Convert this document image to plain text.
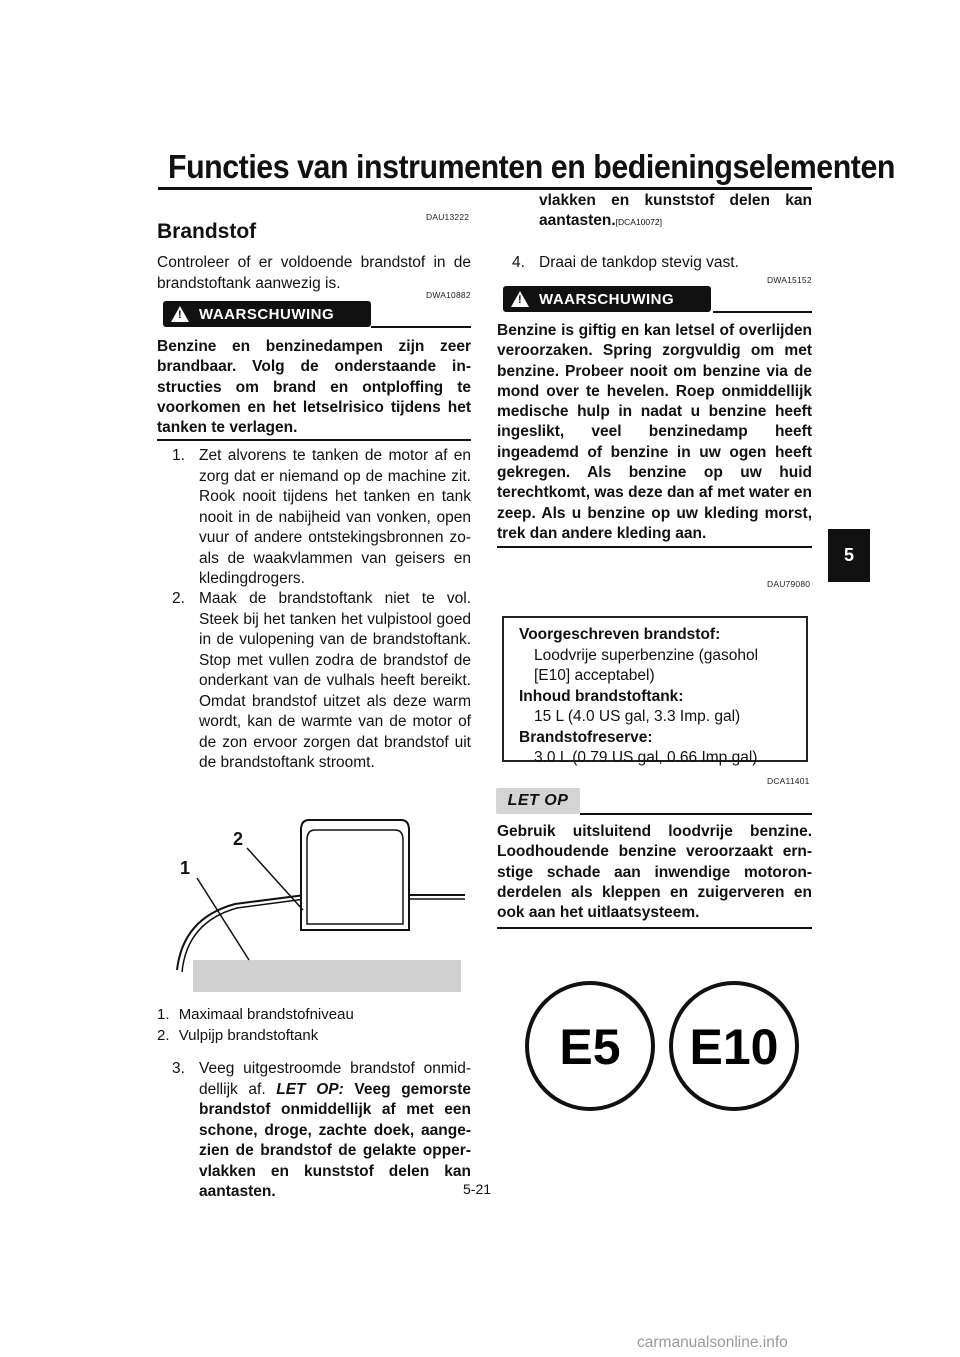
Functies van instrumenten en bedieningselementen
5
DAU13222
Brandstof
Controleer of er voldoende brandstof in de brandstoftank aanwezig is.
DWA10882
! WAARSCHUWING
Benzine en benzinedampen zijn zeer brandbaar. Volg de onderstaande instructies om brand en ontploffing te voorkomen en het letselrisico tijdens het tanken te verlagen.
1. Zet alvorens te tanken de motor af en zorg dat er niemand op de machine zit. Rook nooit tijdens het tanken en tank nooit in de nabijheid van vonken, open vuur of andere ontstekingsbronnen zoals de waakvlammen van geisers en kledingdrogers.
2. Maak de brandstoftank niet te vol. Steek bij het tanken het vulpistool goed in de vulopening van de brandstoftank. Stop met vullen zodra de brandstof de onderkant van de vulhals heeft bereikt. Omdat brandstof uitzet als deze warm wordt, kan de warmte van de motor of de zon ervoor zorgen dat brandstof uit de brandstoftank stroomt.
1
2
1. Maximaal brandstofniveau
2. Vulpijp brandstoftank
3. Veeg uitgestroomde brandstof onmiddellijk af. LET OP: Veeg gemorste brandstof onmiddellijk af met een schone, droge, zachte doek, aangezien de brandstof de gelakte oppervlakken en kunststof delen kan aantasten.
vlakken en kunststof delen kan aantasten.[DCA10072]
4. Draai de tankdop stevig vast.
DWA15152
! WAARSCHUWING
Benzine is giftig en kan letsel of overlijden veroorzaken. Spring zorgvuldig om met benzine. Probeer nooit om benzine via de mond over te hevelen. Roep onmiddellijk medische hulp in nadat u benzine heeft ingeslikt, veel benzinedamp heeft ingeademd of benzine in uw ogen heeft gekregen. Als benzine op uw huid terechtkomt, was deze dan af met water en zeep. Als u benzine op uw kleding morst, trek dan andere kleding aan.
DAU79080
Voorgeschreven brandstof:
Loodvrije superbenzine (gasohol
[E10] acceptabel)
Inhoud brandstoftank:
15 L (4.0 US gal, 3.3 Imp. gal)
Brandstofreserve:
3.0 L (0.79 US gal, 0.66 Imp.gal)
DCA11401
LET OP
Gebruik uitsluitend loodvrije benzine. Loodhoudende benzine veroorzaakt ernstige schade aan inwendige motoronderdelen als kleppen en zuigerveren en ook aan het uitlaatsysteem.
E5 E10
5-21
carmanualsonline.info
